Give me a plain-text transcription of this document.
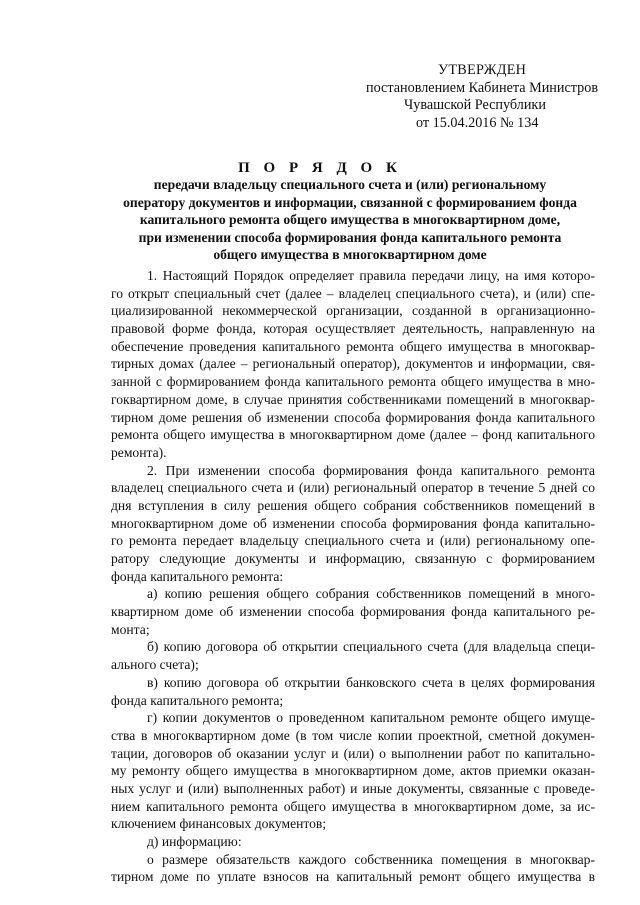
УТВЕРЖДЕН
постановлением Кабинета Министров
Чувашской Республики
от 15.04.2016 № 134
П О Р Я Д О К
передачи владельцу специального счета и (или) региональному
оператору документов и информации, связанной с формированием фонда
капитального ремонта общего имущества в многоквартирном доме,
при изменении способа формирования фонда капитального ремонта
общего имущества в многоквартирном доме
1. Настоящий Порядок определяет правила передачи лицу, на имя которо-
го открыт специальный счет (далее – владелец специального счета), и (или) спе-
циализированной некоммерческой организации, созданной в организационно-
правовой форме фонда, которая осуществляет деятельность, направленную на
обеспечение проведения капитального ремонта общего имущества в многоквар-
тирных домах (далее – региональный оператор), документов и информации, свя-
занной с формированием фонда капитального ремонта общего имущества в мно-
гоквартирном доме, в случае принятия собственниками помещений в многоквар-
тирном доме решения об изменении способа формирования фонда капитального
ремонта общего имущества в многоквартирном доме (далее – фонд капитального
ремонта).
2. При изменении способа формирования фонда капитального ремонта
владелец специального счета и (или) региональный оператор в течение 5 дней со
дня вступления в силу решения общего собрания собственников помещений в
многоквартирном доме об изменении способа формирования фонда капитально-
го ремонта передает владельцу специального счета и (или) региональному опе-
ратору следующие документы и информацию, связанную с формированием
фонда капитального ремонта:
а) копию решения общего собрания собственников помещений в много-
квартирном доме об изменении способа формирования фонда капитального ре-
монта;
б) копию договора об открытии специального счета (для владельца специ-
ального счета);
в) копию договора об открытии банковского счета в целях формирования
фонда капитального ремонта;
г) копии документов о проведенном капитальном ремонте общего имуще-
ства в многоквартирном доме (в том числе копии проектной, сметной докумен-
тации, договоров об оказании услуг и (или) о выполнении работ по капитально-
му ремонту общего имущества в многоквартирном доме, актов приемки оказан-
ных услуг и (или) выполненных работ) и иные документы, связанные с проведе-
нием капитального ремонта общего имущества в многоквартирном доме, за ис-
ключением финансовых документов;
д) информацию:
о размере обязательств каждого собственника помещения в многоквар-
тирном доме по уплате взносов на капитальный ремонт общего имущества в
